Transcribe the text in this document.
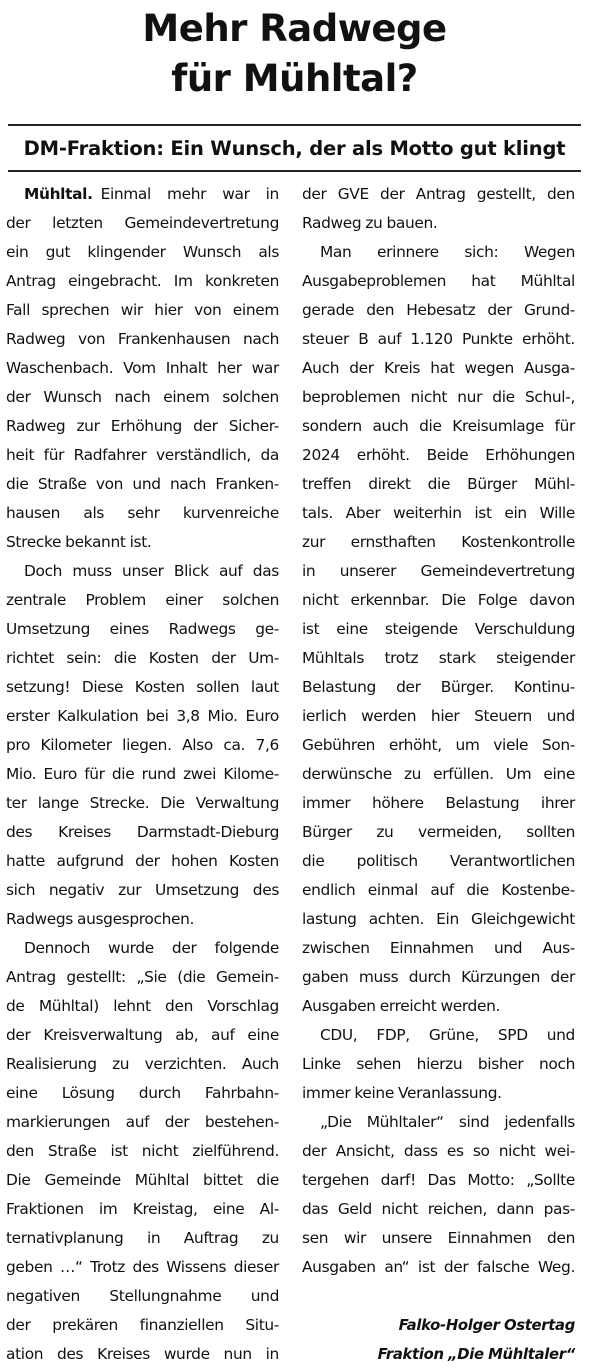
Mehr Radwege
für Mühltal?
DM-Fraktion: Ein Wunsch, der als Motto gut klingt
Mühltal. Einmal mehr war in
der letzten Gemeindevertretung
ein gut klingender Wunsch als
Antrag eingebracht. Im konkreten
Fall sprechen wir hier von einem
Radweg von Frankenhausen nach
Waschenbach. Vom Inhalt her war
der Wunsch nach einem solchen
Radweg zur Erhöhung der Sicher-
heit für Radfahrer verständlich, da
die Straße von und nach Franken-
hausen als sehr kurvenreiche
Strecke bekannt ist.
Doch muss unser Blick auf das
zentrale Problem einer solchen
Umsetzung eines Radwegs ge-
richtet sein: die Kosten der Um-
setzung! Diese Kosten sollen laut
erster Kalkulation bei 3,8 Mio. Euro
pro Kilometer liegen. Also ca. 7,6
Mio. Euro für die rund zwei Kilome-
ter lange Strecke. Die Verwaltung
des Kreises Darmstadt-Dieburg
hatte aufgrund der hohen Kosten
sich negativ zur Umsetzung des
Radwegs ausgesprochen.
Dennoch wurde der folgende
Antrag gestellt: „Sie (die Gemein-
de Mühltal) lehnt den Vorschlag
der Kreisverwaltung ab, auf eine
Realisierung zu verzichten. Auch
eine Lösung durch Fahrbahn-
markierungen auf der bestehen-
den Straße ist nicht zielführend.
Die Gemeinde Mühltal bittet die
Fraktionen im Kreistag, eine Al-
ternativplanung in Auftrag zu
geben …“ Trotz des Wissens dieser
negativen Stellungnahme und
der prekären finanziellen Situ-
ation des Kreises wurde nun in
der GVE der Antrag gestellt, den
Radweg zu bauen.
Man erinnere sich: Wegen
Ausgabeproblemen hat Mühltal
gerade den Hebesatz der Grund-
steuer B auf 1.120 Punkte erhöht.
Auch der Kreis hat wegen Ausga-
beproblemen nicht nur die Schul-,
sondern auch die Kreisumlage für
2024 erhöht. Beide Erhöhungen
treffen direkt die Bürger Mühl-
tals. Aber weiterhin ist ein Wille
zur ernsthaften Kostenkontrolle
in unserer Gemeindevertretung
nicht erkennbar. Die Folge davon
ist eine steigende Verschuldung
Mühltals trotz stark steigender
Belastung der Bürger. Kontinu-
ierlich werden hier Steuern und
Gebühren erhöht, um viele Son-
derwünsche zu erfüllen. Um eine
immer höhere Belastung ihrer
Bürger zu vermeiden, sollten
die politisch Verantwortlichen
endlich einmal auf die Kostenbe-
lastung achten. Ein Gleichgewicht
zwischen Einnahmen und Aus-
gaben muss durch Kürzungen der
Ausgaben erreicht werden.
CDU, FDP, Grüne, SPD und
Linke sehen hierzu bisher noch
immer keine Veranlassung.
„Die Mühltaler“ sind jedenfalls
der Ansicht, dass es so nicht wei-
tergehen darf! Das Motto: „Sollte
das Geld nicht reichen, dann pas-
sen wir unsere Einnahmen den
Ausgaben an“ ist der falsche Weg.
Falko-Holger Ostertag
Fraktion „Die Mühltaler“
